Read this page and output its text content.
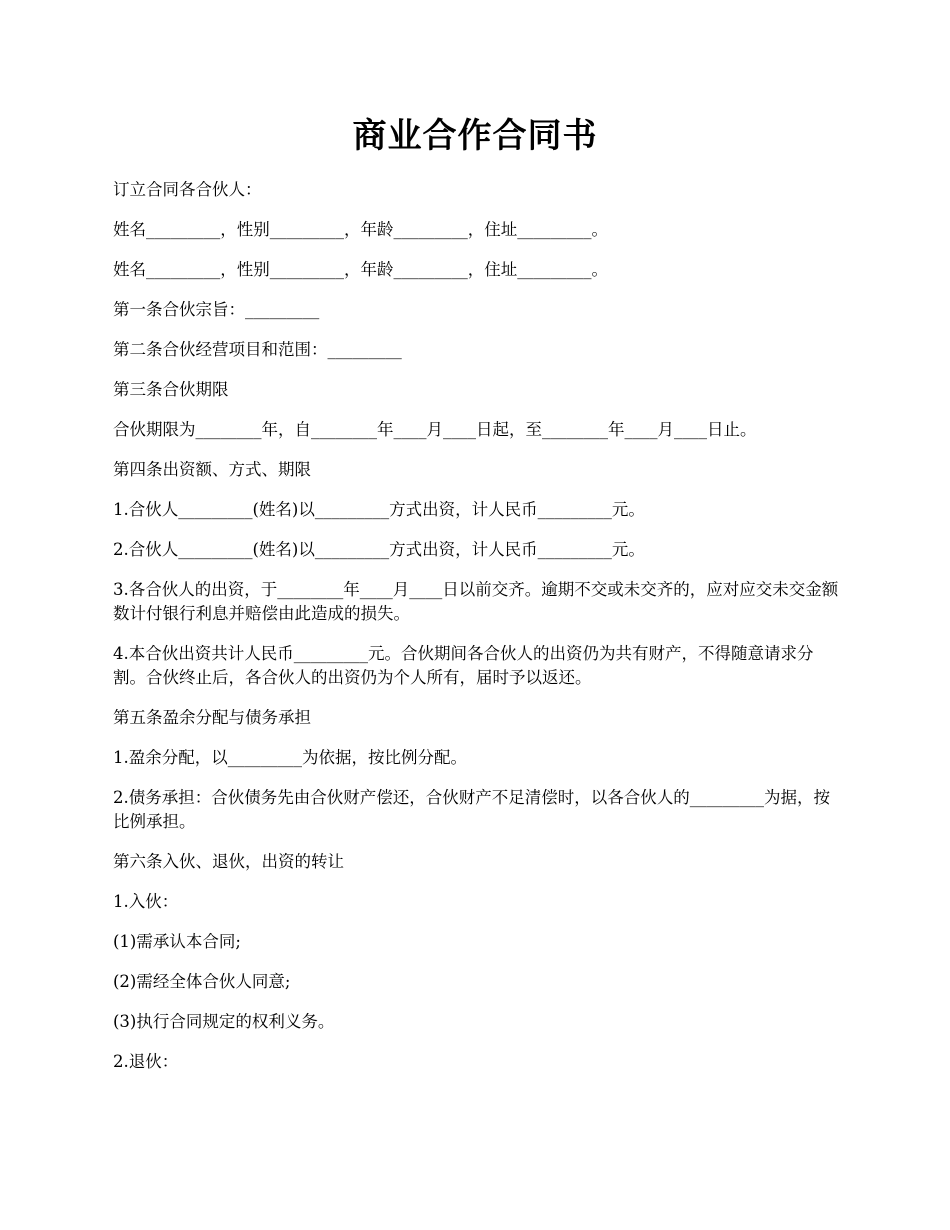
商业合作合同书

订立合同各合伙人：

姓名_________，性别_________，年龄_________，住址_________。

姓名_________，性别_________，年龄_________，住址_________。

第一条合伙宗旨：_________

第二条合伙经营项目和范围：_________

第三条合伙期限

合伙期限为________年，自________年____月____日起，至________年____月____日止。

第四条出资额、方式、期限

1.合伙人_________(姓名)以_________方式出资，计人民币_________元。

2.合伙人_________(姓名)以_________方式出资，计人民币_________元。

3.各合伙人的出资，于________年____月____日以前交齐。逾期不交或未交齐的，应对应交未交金额数计付银行利息并赔偿由此造成的损失。

4.本合伙出资共计人民币_________元。合伙期间各合伙人的出资仍为共有财产，不得随意请求分割。合伙终止后，各合伙人的出资仍为个人所有，届时予以返还。

第五条盈余分配与债务承担

1.盈余分配，以_________为依据，按比例分配。

2.债务承担：合伙债务先由合伙财产偿还，合伙财产不足清偿时，以各合伙人的_________为据，按比例承担。

第六条入伙、退伙，出资的转让

1.入伙：

(1)需承认本合同;

(2)需经全体合伙人同意;

(3)执行合同规定的权利义务。

2.退伙：
